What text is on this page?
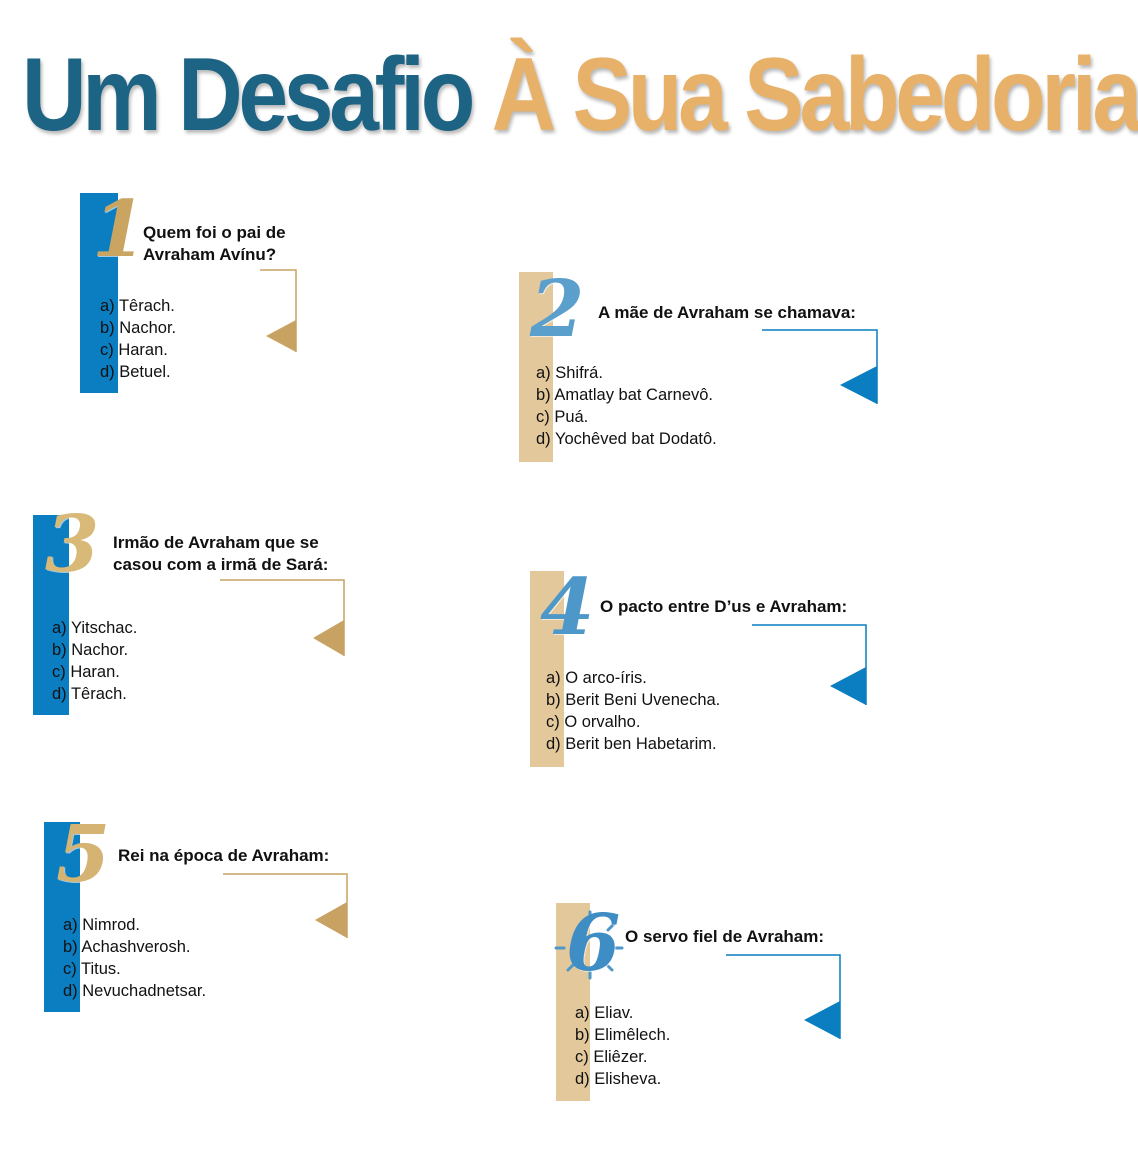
Um Desafio À Sua Sabedoria
1
Quem foi o pai de
Avraham Avínu?
a) Têrach.
b) Nachor.
c) Haran.
d) Betuel.
2 A mãe de Avraham se chamava:
a) Shifrá.
b) Amatlay bat Carnevô.
c) Puá.
d) Yochêved bat Dodatô.
3 Irmão de Avraham que se
casou com a irmã de Sará:
a) Yitschac.
b) Nachor.
c) Haran.
d) Têrach.
4 O pacto entre D’us e Avraham:
a) O arco-íris.
b) Berit Beni Uvenecha.
c) O orvalho.
d) Berit ben Habetarim.
5 Rei na época de Avraham:
a) Nimrod.
b) Achashverosh.
c) Titus.
d) Nevuchadnetsar.
6 O servo fiel de Avraham:
a) Eliav.
b) Elimêlech.
c) Eliêzer.
d) Elisheva.
